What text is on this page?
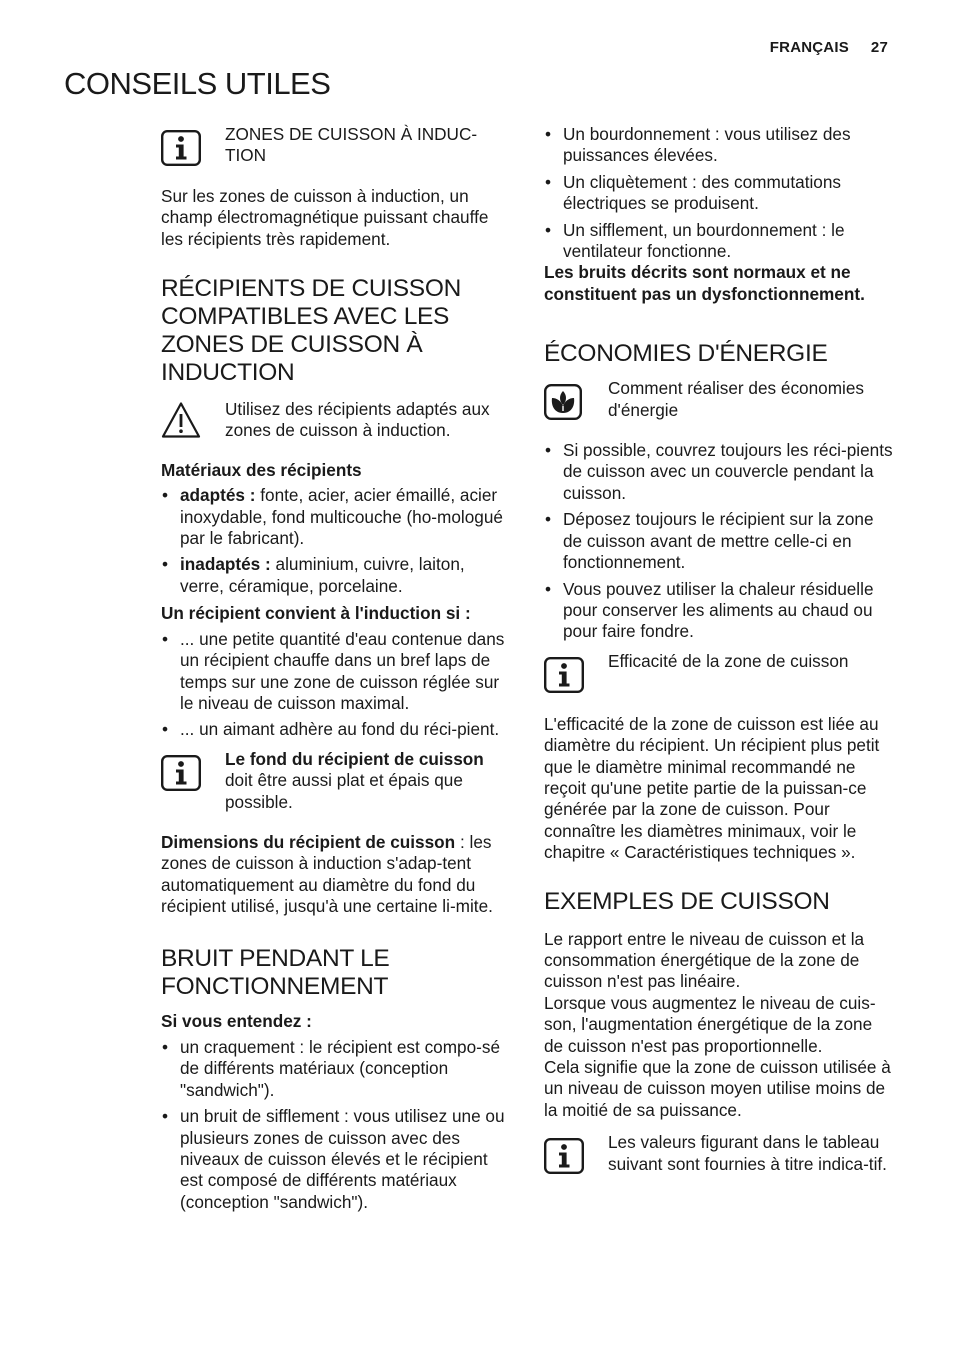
FRANÇAIS 27
CONSEILS UTILES
ZONES DE CUISSON À INDUC-TION

Sur les zones de cuisson à induction, un champ électromagnétique puissant chauffe les récipients très rapidement.

RÉCIPIENTS DE CUISSON COMPATIBLES AVEC LES ZONES DE CUISSON À INDUCTION
Utilisez des récipients adaptés aux zones de cuisson à induction.

Matériaux des récipients

• adaptés : fonte, acier, acier émaillé, acier inoxydable, fond multicouche (ho-mologué par le fabricant).
• inadaptés : aluminium, cuivre, laiton, verre, céramique, porcelaine.

Un récipient convient à l'induction si :

• ... une petite quantité d'eau contenue dans un récipient chauffe dans un bref laps de temps sur une zone de cuisson réglée sur le niveau de cuisson maximal.
• ... un aimant adhère au fond du réci-pient.
Le fond du récipient de cuisson doit être aussi plat et épais que possible.

Dimensions du récipient de cuisson : les zones de cuisson à induction s'adap-tent automatiquement au diamètre du fond du récipient utilisé, jusqu'à une certaine li-mite.

BRUIT PENDANT LE FONCTIONNEMENT

Si vous entendez :

• un craquement : le récipient est compo-sé de différents matériaux (conception "sandwich").
• un bruit de sifflement : vous utilisez une ou plusieurs zones de cuisson avec des niveaux de cuisson élevés et le récipient est composé de différents matériaux (conception "sandwich").
• Un bourdonnement : vous utilisez des puissances élevées.
• Un cliquètement : des commutations électriques se produisent.
• Un sifflement, un bourdonnement : le ventilateur fonctionne.

Les bruits décrits sont normaux et ne constituent pas un dysfonctionnement.

ÉCONOMIES D'ÉNERGIE
Comment réaliser des économies d'énergie
• Si possible, couvrez toujours les réci-pients de cuisson avec un couvercle pendant la cuisson.
• Déposez toujours le récipient sur la zone de cuisson avant de mettre celle-ci en fonctionnement.
• Vous pouvez utiliser la chaleur résiduelle pour conserver les aliments au chaud ou pour faire fondre.
Efficacité de la zone de cuisson

L'efficacité de la zone de cuisson est liée au diamètre du récipient. Un récipient plus petit que le diamètre minimal recommandé ne reçoit qu'une petite partie de la puissan-ce générée par la zone de cuisson. Pour connaître les diamètres minimaux, voir le chapitre « Caractéristiques techniques ».

EXEMPLES DE CUISSON

Le rapport entre le niveau de cuisson et la consommation énergétique de la zone de cuisson n'est pas linéaire.

Lorsque vous augmentez le niveau de cuis-son, l'augmentation énergétique de la zone de cuisson n'est pas proportionnelle.

Cela signifie que la zone de cuisson utilisée à un niveau de cuisson moyen utilise moins de la moitié de sa puissance.

Les valeurs figurant dans le tableau suivant sont fournies à titre indica-tif.
